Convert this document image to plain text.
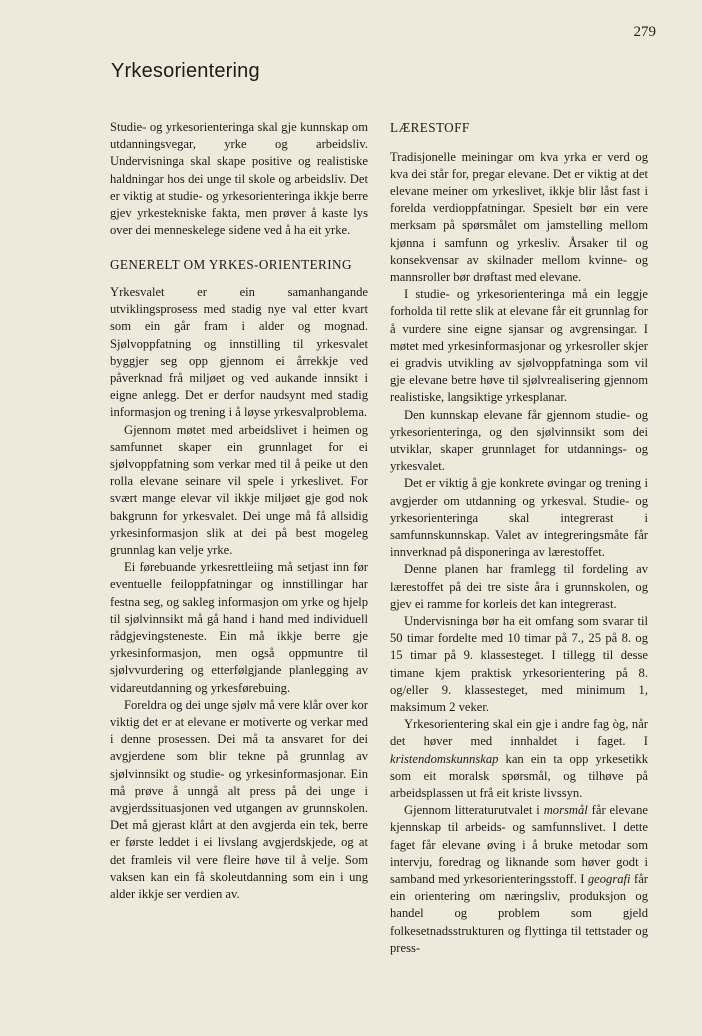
279
Yrkesorientering

Studie- og yrkesorienteringa skal gje kunnskap om utdanningsvegar, yrke og arbeidsliv. Undervisninga skal skape positive og realistiske haldningar hos dei unge til skole og arbeidsliv. Det er viktig at studie- og yrkesorienteringa ikkje berre gjev yrkestekniske fakta, men prøver å kaste lys over dei menneskelege sidene ved å ha eit yrke.

GENERELT OM YRKES-ORIENTERING

Yrkesvalet er ein samanhangande utviklingsprosess med stadig nye val etter kvart som ein går fram i alder og mognad. Sjølvoppfatning og innstilling til yrkesvalet byggjer seg opp gjennom ei årrekkje ved påverknad frå miljøet og ved aukande innsikt i eigne anlegg. Det er derfor naudsynt med stadig informasjon og trening i å løyse yrkesvalproblema.

Gjennom møtet med arbeidslivet i heimen og samfunnet skaper ein grunnlaget for ei sjølvoppfatning som verkar med til å peike ut den rolla elevane seinare vil spele i yrkeslivet. For svært mange elevar vil ikkje miljøet gje god nok bakgrunn for yrkesvalet. Dei unge må få allsidig yrkesinformasjon slik at dei på best mogeleg grunnlag kan velje yrke.

Ei førebuande yrkesrettleiing må setjast inn før eventuelle feiloppfatningar og innstillingar har festna seg, og sakleg informasjon om yrke og hjelp til sjølvinnsikt må gå hand i hand med individuell rådgjevingsteneste. Ein må ikkje berre gje yrkesinformasjon, men også oppmuntre til sjølvvurdering og etterfølgjande planlegging av vidareutdanning og yrkesførebuing.

Foreldra og dei unge sjølv må vere klår over kor viktig det er at elevane er motiverte og verkar med i denne prosessen. Dei må ta ansvaret for dei avgjerdene som blir tekne på grunnlag av sjølvinnsikt og studie- og yrkesinformasjonar. Ein må prøve å unngå alt press på dei unge i avgjerdssituasjonen ved utgangen av grunnskolen. Det må gjerast klårt at den avgjerda ein tek, berre er første leddet i ei livslang avgjerdskjede, og at det framleis vil vere fleire høve til å velje. Som vaksen kan ein få skoleutdanning som ein i ung alder ikkje ser verdien av.

LÆRESTOFF

Tradisjonelle meiningar om kva yrka er verd og kva dei står for, pregar elevane. Det er viktig at det elevane meiner om yrkeslivet, ikkje blir låst fast i forelda verdioppfatningar. Spesielt bør ein vere merksam på spørsmålet om jamstelling mellom kjønna i samfunn og yrkesliv. Årsaker til og konsekvensar av skilnader mellom kvinne- og mannsroller bør drøftast med elevane.

I studie- og yrkesorienteringa må ein leggje forholda til rette slik at elevane får eit grunnlag for å vurdere sine eigne sjansar og avgrensingar. I møtet med yrkesinformasjonar og yrkesroller skjer ei gradvis utvikling av sjølvoppfatninga som vil gje elevane betre høve til sjølvrealisering gjennom realistiske, langsiktige yrkesplanar.

Den kunnskap elevane får gjennom studie- og yrkesorienteringa, og den sjølvinnsikt som dei utviklar, skaper grunnlaget for utdannings- og yrkesvalet.

Det er viktig å gje konkrete øvingar og trening i avgjerder om utdanning og yrkesval. Studie- og yrkesorienteringa skal integrerast i samfunnskunnskap. Valet av integreringsmåte får innverknad på disponeringa av lærestoffet.

Denne planen har framlegg til fordeling av lærestoffet på dei tre siste åra i grunnskolen, og gjev ei ramme for korleis det kan integrerast.

Undervisninga bør ha eit omfang som svarar til 50 timar fordelte med 10 timar på 7., 25 på 8. og 15 timar på 9. klassesteget. I tillegg til desse timane kjem praktisk yrkesorientering på 8. og/eller 9. klassesteget, med minimum 1, maksimum 2 veker.

Yrkesorientering skal ein gje i andre fag òg, når det høver med innhaldet i faget. I kristendomskunnskap kan ein ta opp yrkesetikk som eit moralsk spørsmål, og tilhøve på arbeidsplassen ut frå eit kriste livssyn.

Gjennom litteraturutvalet i morsmål får elevane kjennskap til arbeids- og samfunnslivet. I dette faget får elevane øving i å bruke metodar som intervju, foredrag og liknande som høver godt i samband med yrkesorienteringsstoff. I geografi får ein orientering om næringsliv, produksjon og handel og problem som gjeld folkesetnadsstrukturen og flyttinga til tettstader og press-
